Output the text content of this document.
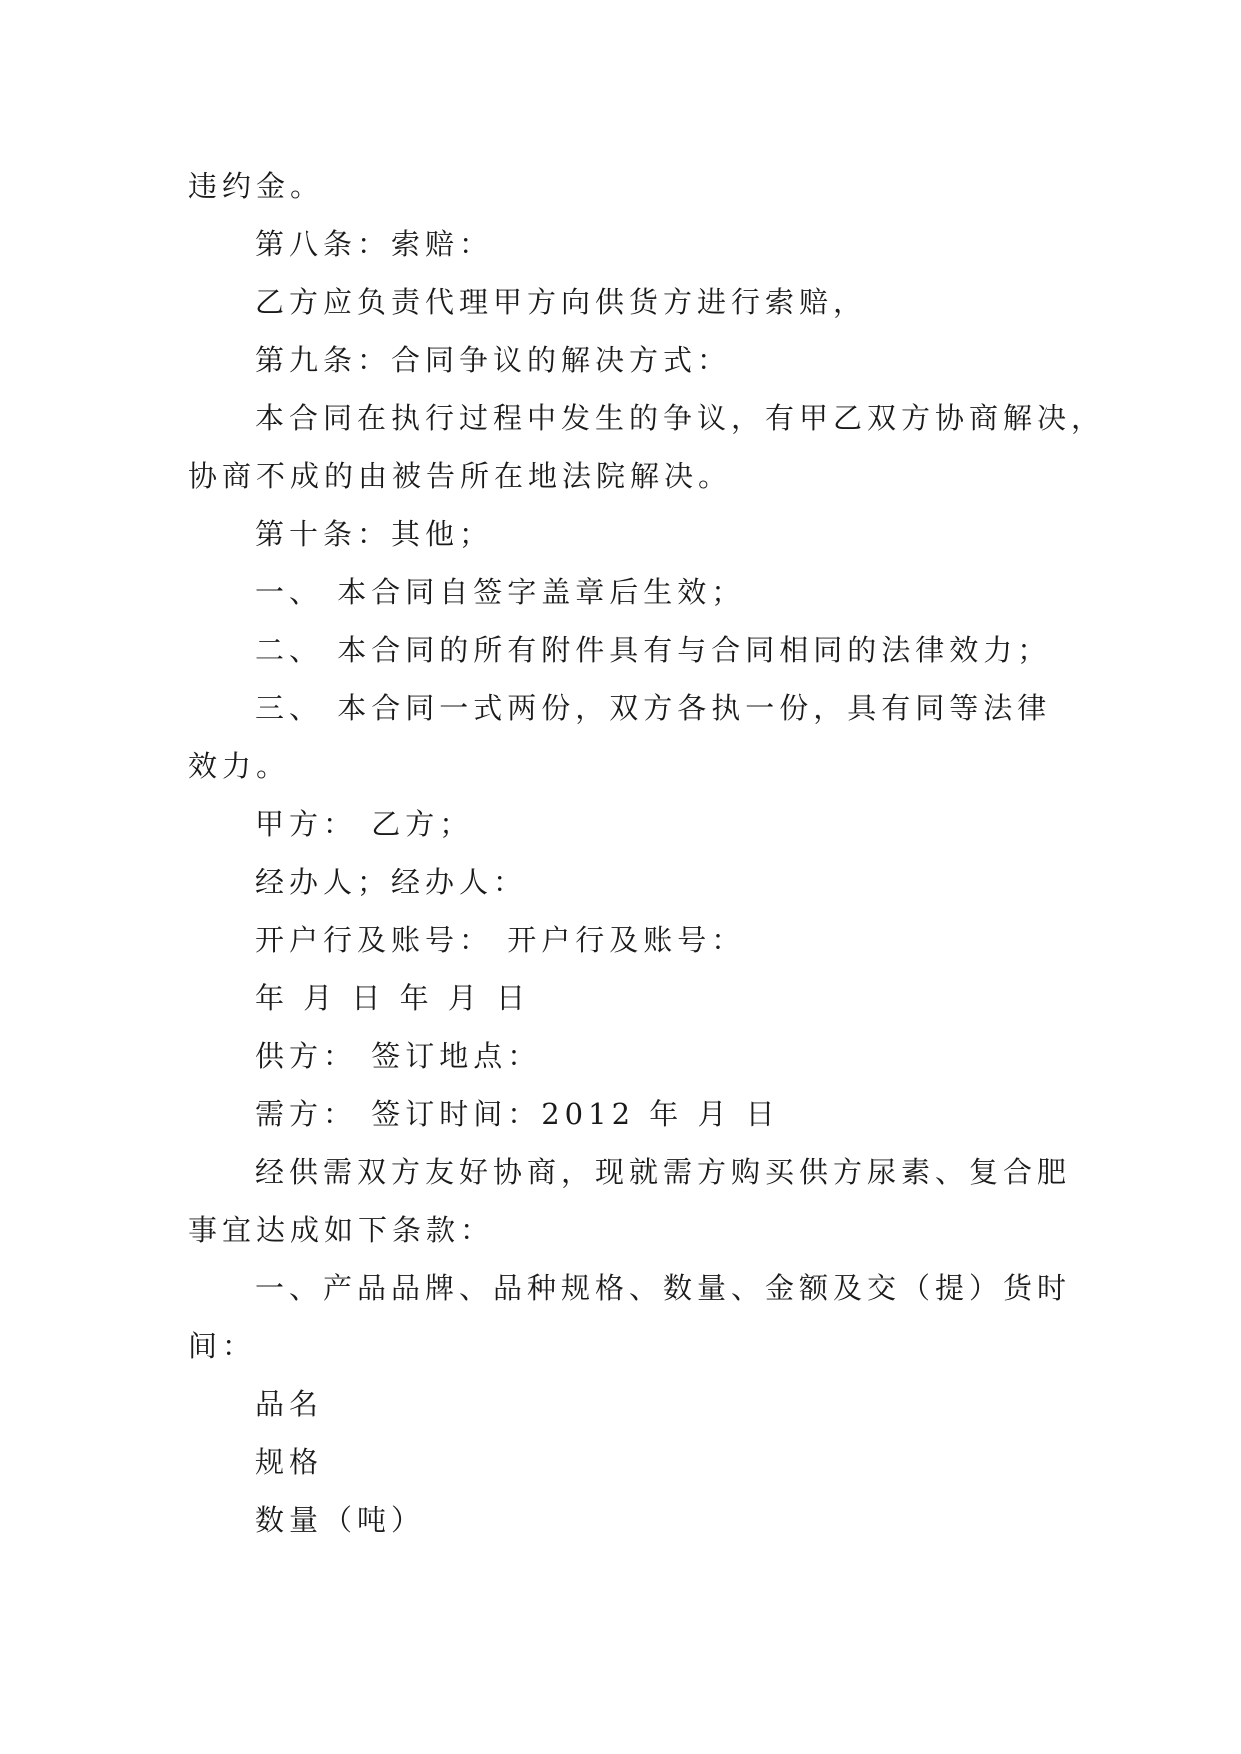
违约金。

第八条：索赔：

乙方应负责代理甲方向供货方进行索赔，

第九条：合同争议的解决方式：

本合同在执行过程中发生的争议，有甲乙双方协商解决，

协商不成的由被告所在地法院解决。

第十条：其他；

一、 本合同自签字盖章后生效；

二、 本合同的所有附件具有与合同相同的法律效力；

三、 本合同一式两份，双方各执一份，具有同等法律

效力。

甲方： 乙方；

经办人；经办人：

开户行及账号： 开户行及账号：

年 月 日 年 月 日

供方： 签订地点：

需方： 签订时间：2012 年 月 日

经供需双方友好协商，现就需方购买供方尿素、复合肥

事宜达成如下条款：

一、产品品牌、品种规格、数量、金额及交（提）货时

间：

品名

规格

数量（吨）
